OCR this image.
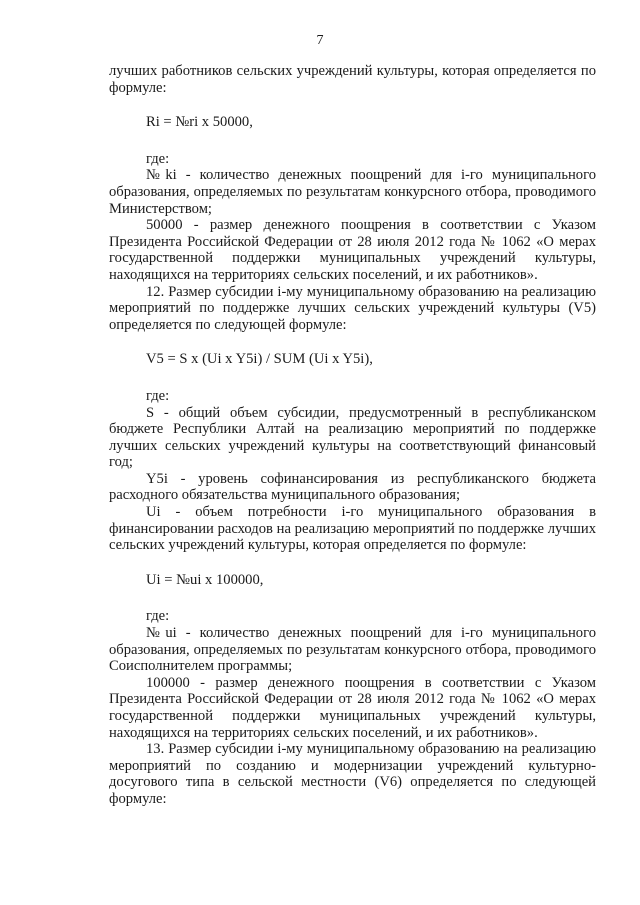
7

лучших работников сельских учреждений культуры, которая определяется по формуле:

Ri = №ri x 50000,

где:

№ki - количество денежных поощрений для i-го муниципального образования, определяемых по результатам конкурсного отбора, проводимого Министерством;

50000 - размер денежного поощрения в соответствии с Указом Президента Российской Федерации от 28 июля 2012 года № 1062 «О мерах государственной поддержки муниципальных учреждений культуры, находящихся на территориях сельских поселений, и их работников».

12. Размер субсидии i-му муниципальному образованию на реализацию мероприятий по поддержке лучших сельских учреждений культуры (V5) определяется по следующей формуле:

V5 = S x (Ui x Y5i) / SUM (Ui x Y5i),

где:

S - общий объем субсидии, предусмотренный в республиканском бюджете Республики Алтай на реализацию мероприятий по поддержке лучших сельских учреждений культуры на соответствующий финансовый год;

Y5i - уровень софинансирования из республиканского бюджета расходного обязательства муниципального образования;

Ui - объем потребности i-го муниципального образования в финансировании расходов на реализацию мероприятий по поддержке лучших сельских учреждений культуры, которая определяется по формуле:

Ui = №ui x 100000,

где:

№ui - количество денежных поощрений для i-го муниципального образования, определяемых по результатам конкурсного отбора, проводимого Соисполнителем программы;

100000 - размер денежного поощрения в соответствии с Указом Президента Российской Федерации от 28 июля 2012 года № 1062 «О мерах государственной поддержки муниципальных учреждений культуры, находящихся на территориях сельских поселений, и их работников».

13. Размер субсидии i-му муниципальному образованию на реализацию мероприятий по созданию и модернизации учреждений культурно-досугового типа в сельской местности (V6) определяется по следующей формуле:
